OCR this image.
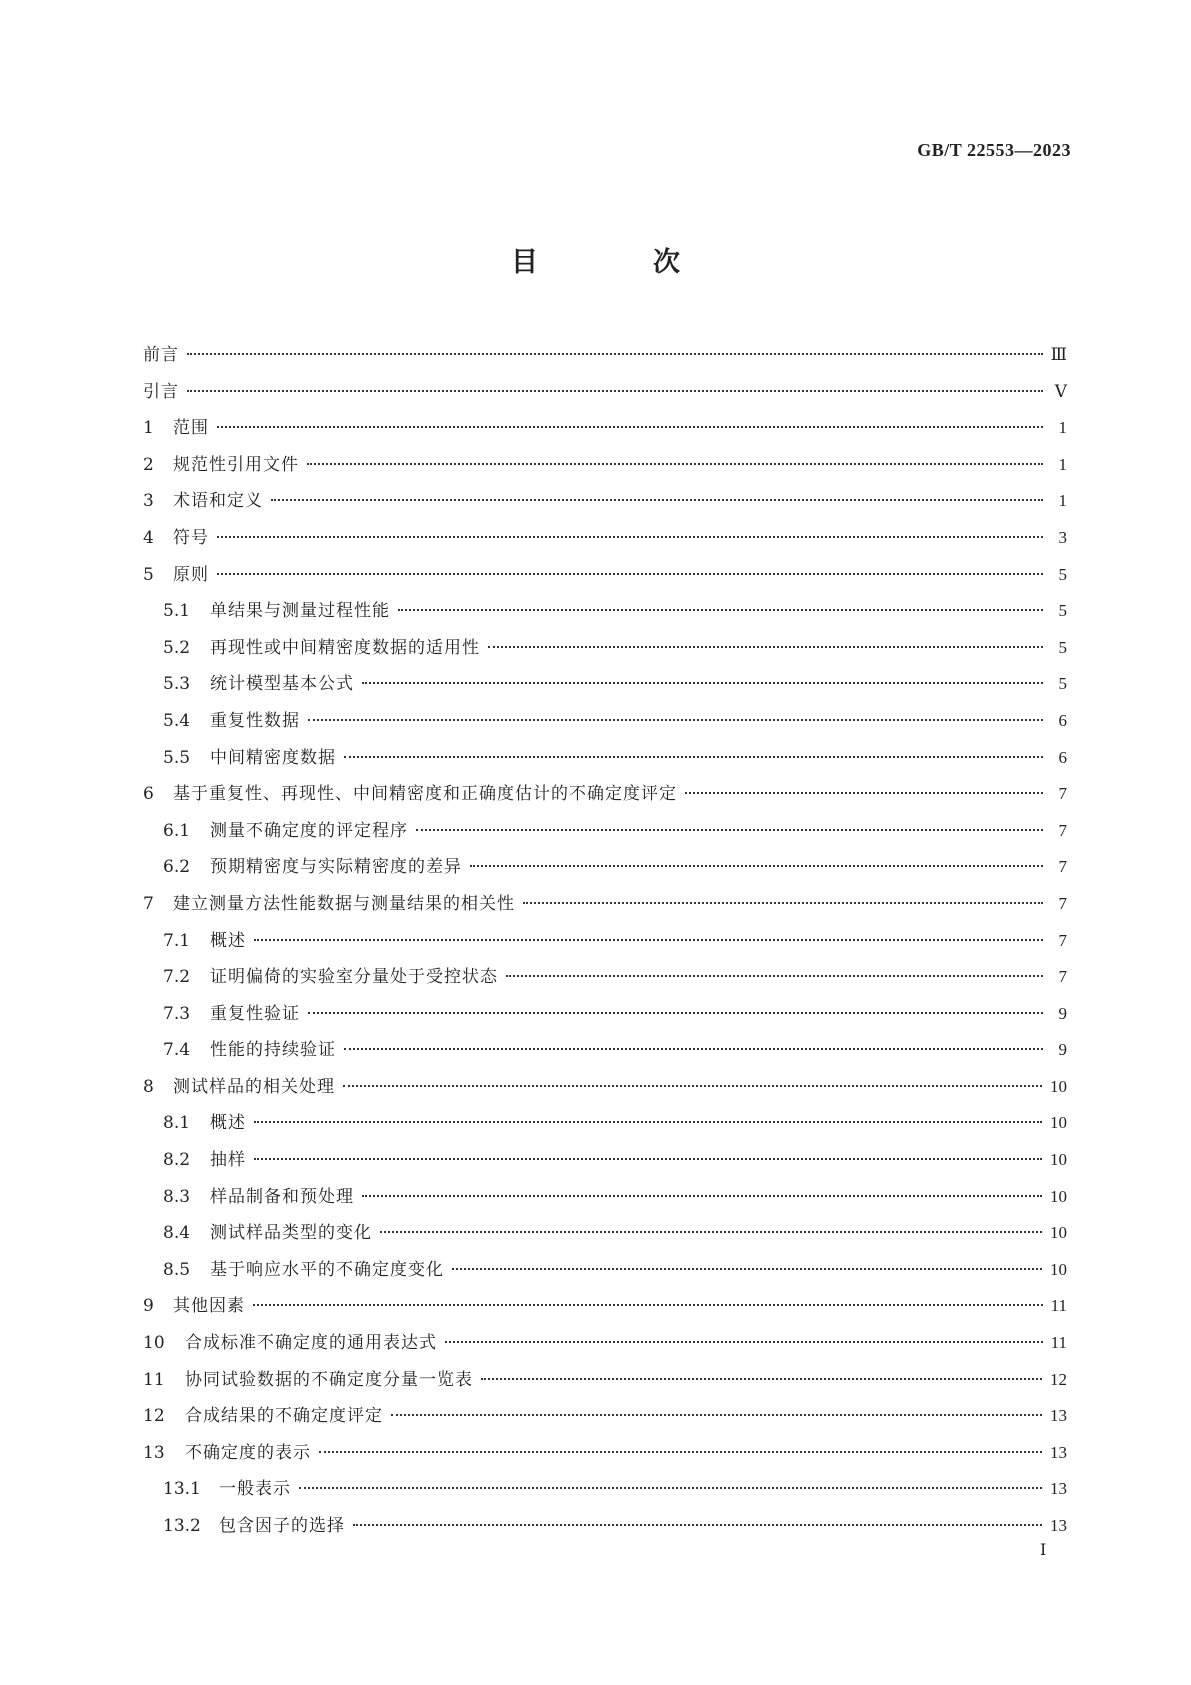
GB/T 22553—2023
目　次
前言	Ⅲ
引言	Ⅴ
1	范围	1
2	规范性引用文件	1
3	术语和定义	1
4	符号	3
5	原则	5
5.1	单结果与测量过程性能	5
5.2	再现性或中间精密度数据的适用性	5
5.3	统计模型基本公式	5
5.4	重复性数据	6
5.5	中间精密度数据	6
6	基于重复性、再现性、中间精密度和正确度估计的不确定度评定	7
6.1	测量不确定度的评定程序	7
6.2	预期精密度与实际精密度的差异	7
7	建立测量方法性能数据与测量结果的相关性	7
7.1	概述	7
7.2	证明偏倚的实验室分量处于受控状态	7
7.3	重复性验证	9
7.4	性能的持续验证	9
8	测试样品的相关处理	10
8.1	概述	10
8.2	抽样	10
8.3	样品制备和预处理	10
8.4	测试样品类型的变化	10
8.5	基于响应水平的不确定度变化	10
9	其他因素	11
10	合成标准不确定度的通用表达式	11
11	协同试验数据的不确定度分量一览表	12
12	合成结果的不确定度评定	13
13	不确定度的表示	13
13.1	一般表示	13
13.2	包含因子的选择	13
Ⅰ
